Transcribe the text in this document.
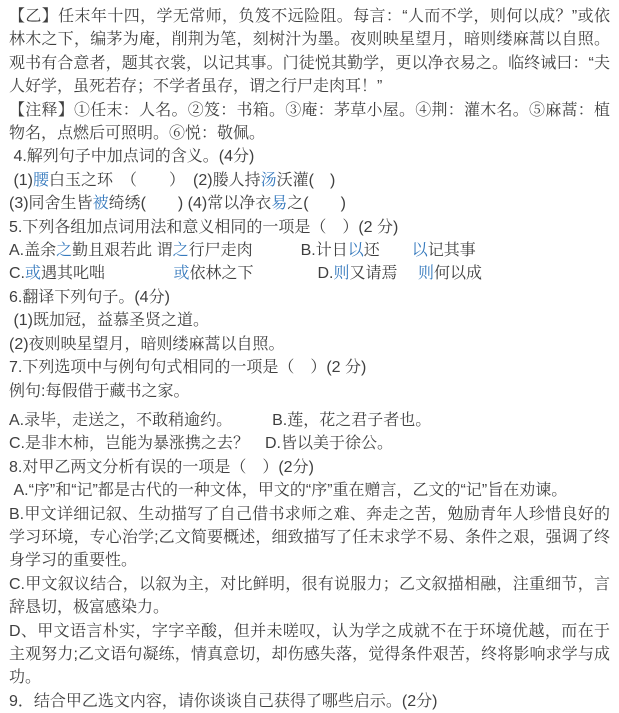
【乙】任末年十四，学无常师，负笈不远险阻。每言：“人而不学，则何以成？”或依林木之下，编茅为庵，削荆为笔，刻树汁为墨。夜则映星望月，暗则缕麻蒿以自照。观书有合意者，题其衣裳，以记其事。门徒悦其勤学，更以净衣易之。临终诫曰：“夫人好学，虽死若存；不学者虽存，谓之行尸走肉耳！”

【注释】①任末：人名。②笈：书箱。③庵：茅草小屋。④荆：灌木名。⑤麻蒿：植物名，点燃后可照明。⑥悦：敬佩。

4.解列句子中加点词的含义。(4分)

(1)腰白玉之环　（　　）　(2)媵人持汤沃灌(　)

(3)同舍生皆被绮绣(　　) (4)常以净衣易之(　　)

5.下列各组加点词用法和意义相同的一项是（　）(2 分)

A.盖余之勤且艰若此 谓之行尸走肉　　　B.计日以还　　以记其事

C.或遇其叱咄　　　　 或依林之下　　　　D.则又请焉　 则何以成

6.翻译下列句子。(4分)

(1)既加冠，益慕圣贤之道。

(2)夜则映星望月，暗则缕麻蒿以自照。

7.下列选项中与例句句式相同的一项是（　）(2 分)

例句:每假借于藏书之家。

A.录毕，走送之，不敢稍逾约。　　　B.莲，花之君子者也。

C.是非木柿，岂能为暴涨携之去？　D.皆以美于徐公。

8.对甲乙两文分析有误的一项是（　）(2分)

A.“序”和“记”都是古代的一种文体，甲文的“序”重在赠言，乙文的“记”旨在劝谏。

B.甲文详细记叙、生动描写了自己借书求师之难、奔走之苦，勉励青年人珍惜良好的学习环境，专心治学;乙文简要概述，细致描写了任末求学不易、条件之艰，强调了终身学习的重要性。

C.甲文叙议结合，以叙为主，对比鲜明，很有说服力；乙文叙描相融，注重细节，言辞恳切，极富感染力。

D、甲文语言朴实，字字辛酸，但并未嗟叹，认为学之成就不在于环境优越，而在于主观努力;乙文语句凝练，情真意切，却伤感失落，觉得条件艰苦，终将影响求学与成功。

9．结合甲乙选文内容，请你谈谈自己获得了哪些启示。(2分)
